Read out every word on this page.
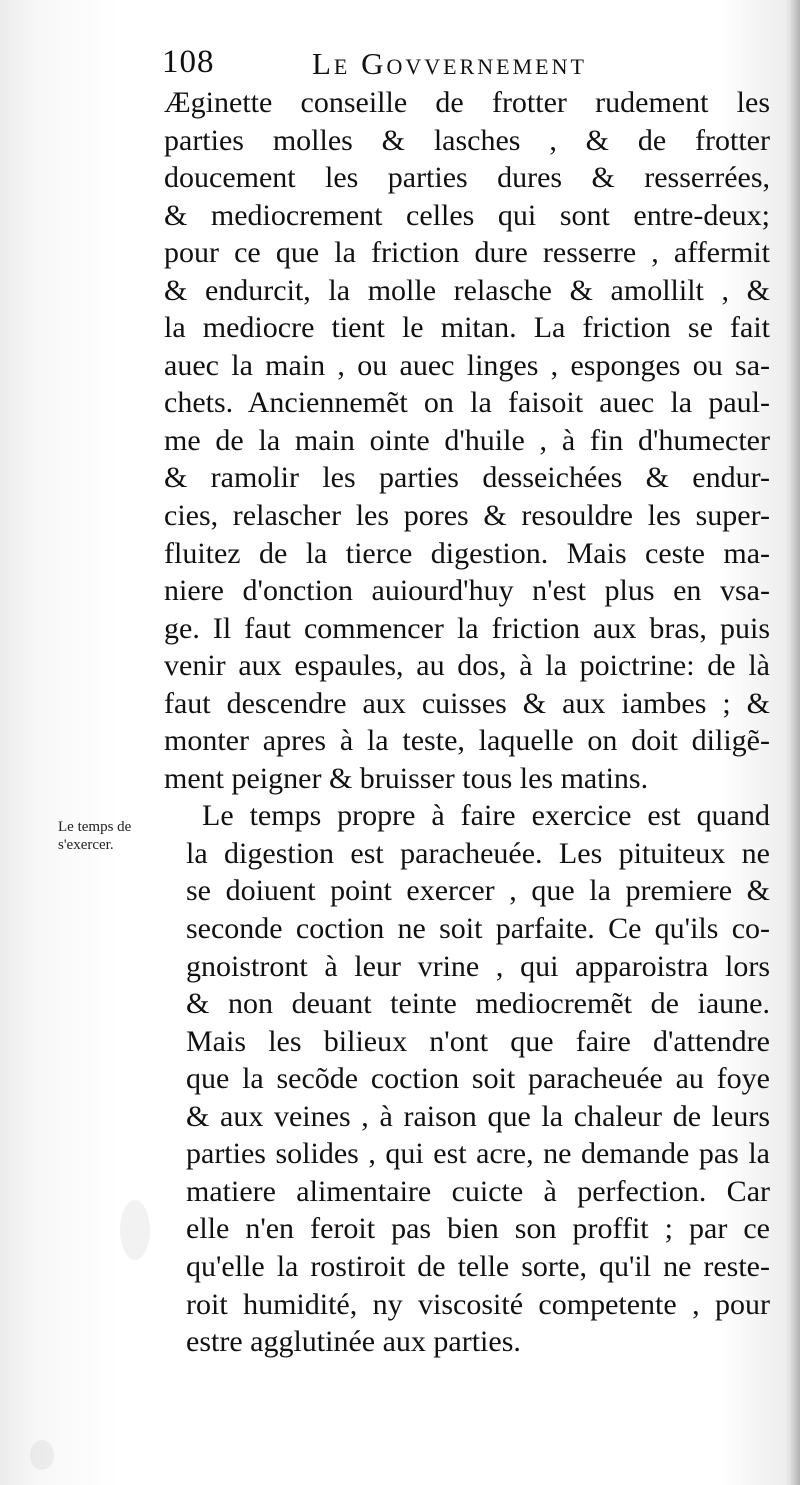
108	Le Govvernement
Le temps de
s'exercer.
Æginette conseille de frotter rudement les
parties molles & lasches , & de frotter
doucement les parties dures & resserrées,
& mediocrement celles qui sont entre-deux;
pour ce que la friction dure resserre , affermit
& endurcit, la molle relasche & amollilt , &
la mediocre tient le mitan. La friction se fait
auec la main , ou auec linges , esponges ou sa-
chets. Anciennemẽt on la faisoit auec la paul-
me de la main ointe d'huile , à fin d'humecter
& ramolir les parties desseichées & endur-
cies, relascher les pores & resouldre les super-
fluitez de la tierce digestion. Mais ceste ma-
niere d'onction auiourd'huy n'est plus en vsa-
ge. Il faut commencer la friction aux bras, puis
venir aux espaules, au dos, à la poictrine: de là
faut descendre aux cuisses & aux iambes ; &
monter apres à la teste, laquelle on doit diligẽ-
ment peigner & bruisser tous les matins.
Le temps propre à faire exercice est quand
la digestion est paracheuée. Les pituiteux ne
se doiuent point exercer , que la premiere &
seconde coction ne soit parfaite. Ce qu'ils co-
gnoistront à leur vrine , qui apparoistra lors
& non deuant teinte mediocremẽt de iaune.
Mais les bilieux n'ont que faire d'attendre
que la secõde coction soit paracheuée au foye
& aux veines , à raison que la chaleur de leurs
parties solides , qui est acre, ne demande pas la
matiere alimentaire cuicte à perfection. Car
elle n'en feroit pas bien son proffit ; par ce
qu'elle la rostiroit de telle sorte, qu'il ne reste-
roit humidité, ny viscosité competente , pour
estre agglutinée aux parties.
